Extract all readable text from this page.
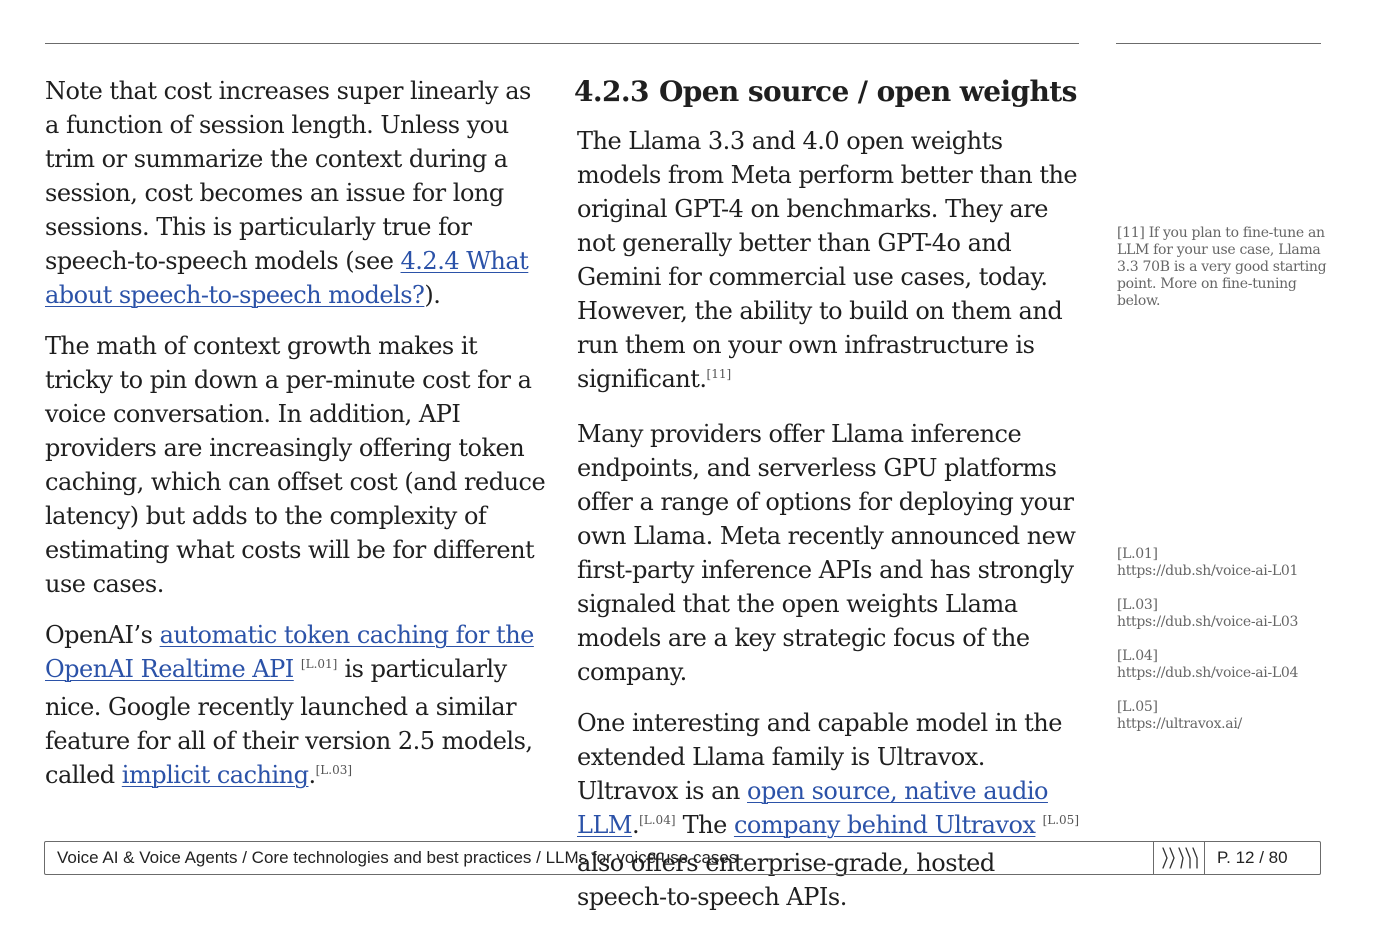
Note that cost increases super linearly as a function of session length. Unless you trim or summarize the context during a session, cost becomes an issue for long sessions. This is particularly true for speech-to-speech models (see 4.2.4 What about speech-to-speech models?).

The math of context growth makes it tricky to pin down a per-minute cost for a voice conversation. In addition, API providers are increasingly offering token caching, which can offset cost (and reduce latency) but adds to the complexity of estimating what costs will be for different use cases.

OpenAI’s automatic token caching for the OpenAI Realtime API [L.01] is particularly nice. Google recently launched a similar feature for all of their version 2.5 models, called implicit caching.[L.03]

4.2.3 Open source / open weights

The Llama 3.3 and 4.0 open weights models from Meta perform better than the original GPT-4 on benchmarks. They are not generally better than GPT-4o and Gemini for commercial use cases, today. However, the ability to build on them and run them on your own infrastructure is significant.[11]

Many providers offer Llama inference endpoints, and serverless GPU platforms offer a range of options for deploying your own Llama. Meta recently announced new first-party inference APIs and has strongly signaled that the open weights Llama models are a key strategic focus of the company.

One interesting and capable model in the extended Llama family is Ultravox. Ultravox is an open source, native audio LLM.[L.04] The company behind Ultravox [L.05] also offers enterprise-grade, hosted speech-to-speech APIs.

[11] If you plan to fine-tune an LLM for your use case, Llama 3.3 70B is a very good starting point. More on fine-tuning below.
[L.01]
https://dub.sh/voice-ai-L01
[L.03]
https://dub.sh/voice-ai-L03
[L.04]
https://dub.sh/voice-ai-L04
[L.05]
https://ultravox.ai/
Voice AI & Voice Agents / Core technologies and best practices / LLMs for voice use cases	P. 12 / 80
